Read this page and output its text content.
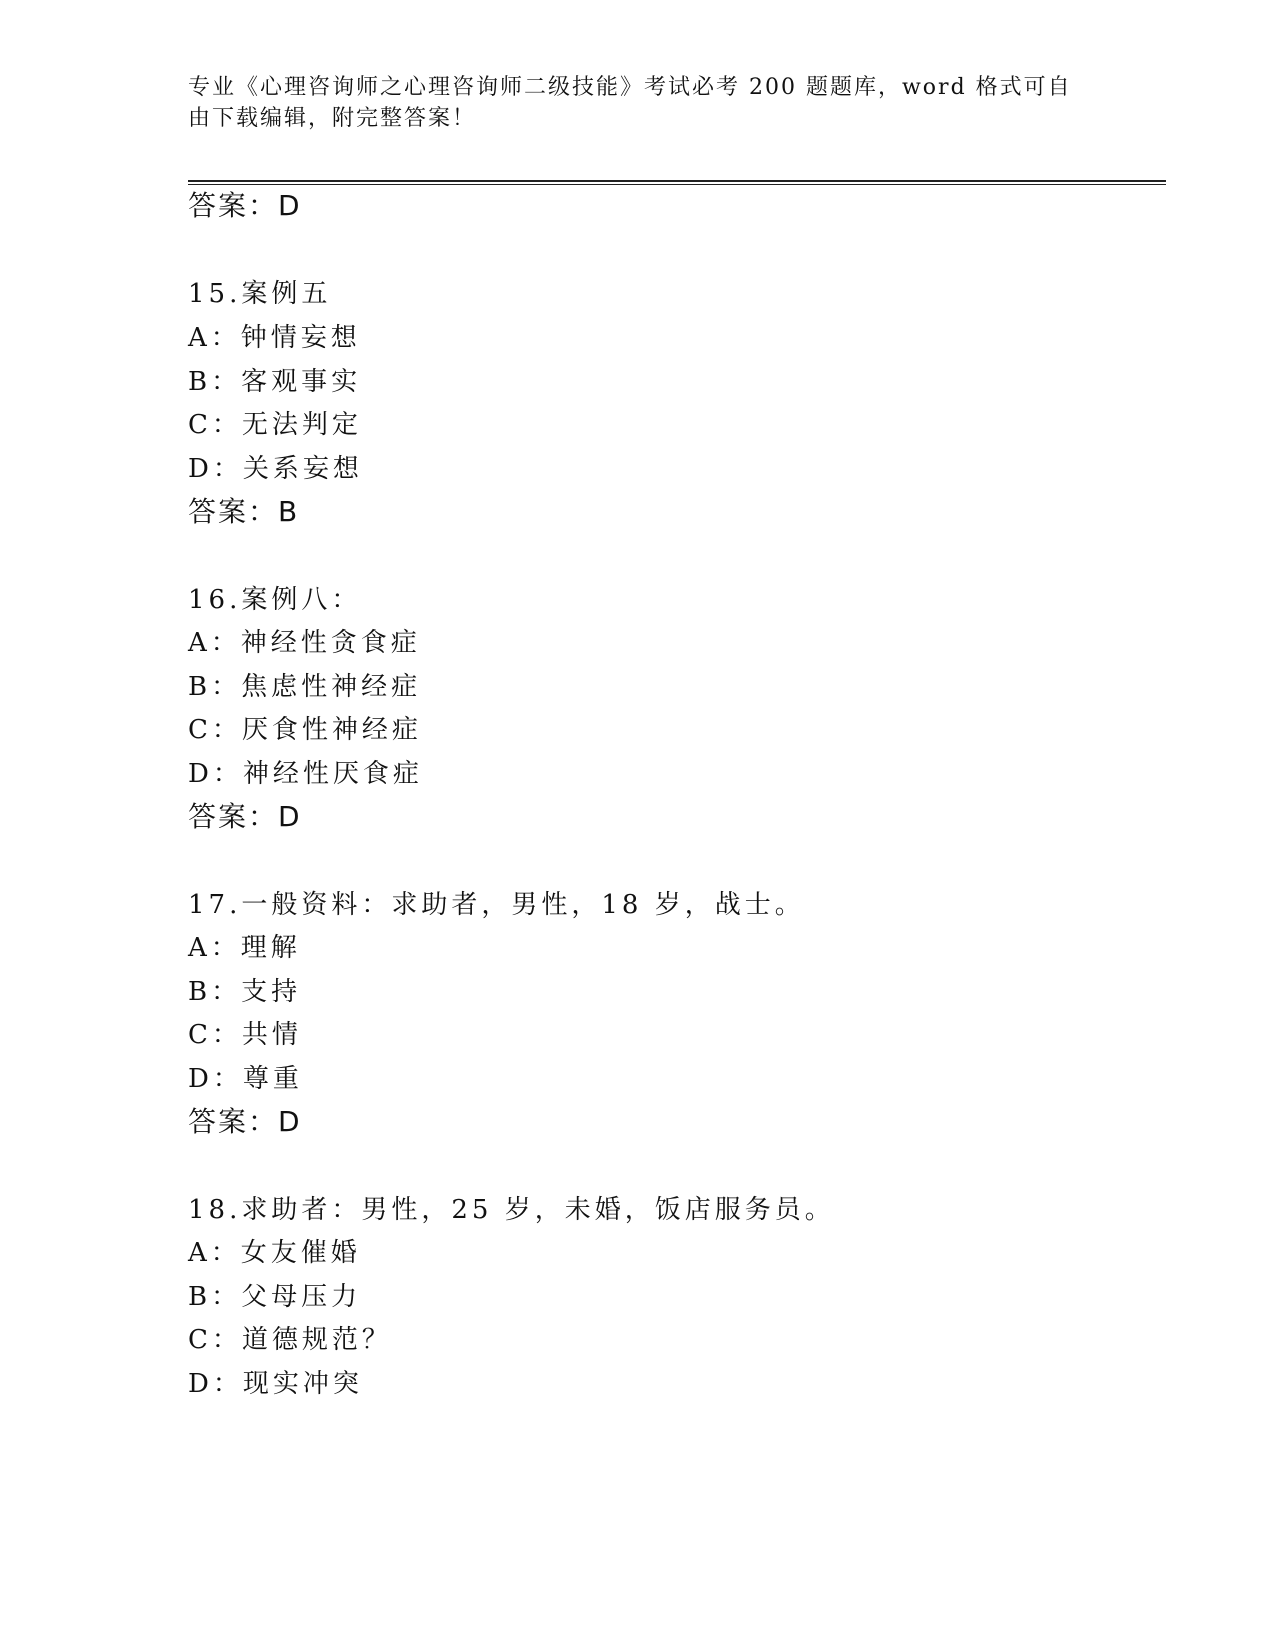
专业《心理咨询师之心理咨询师二级技能》考试必考 200 题题库，word 格式可自
由下载编辑，附完整答案！
答案：D
15.案例五
A：钟情妄想
B：客观事实
C：无法判定
D：关系妄想
答案：B
16.案例八：
A：神经性贪食症
B：焦虑性神经症
C：厌食性神经症
D：神经性厌食症
答案：D
17.一般资料：求助者，男性，18 岁，战士。
A：理解
B：支持
C：共情
D：尊重
答案：D
18.求助者：男性，25 岁，未婚，饭店服务员。
A：女友催婚
B：父母压力
C：道德规范？
D：现实冲突
